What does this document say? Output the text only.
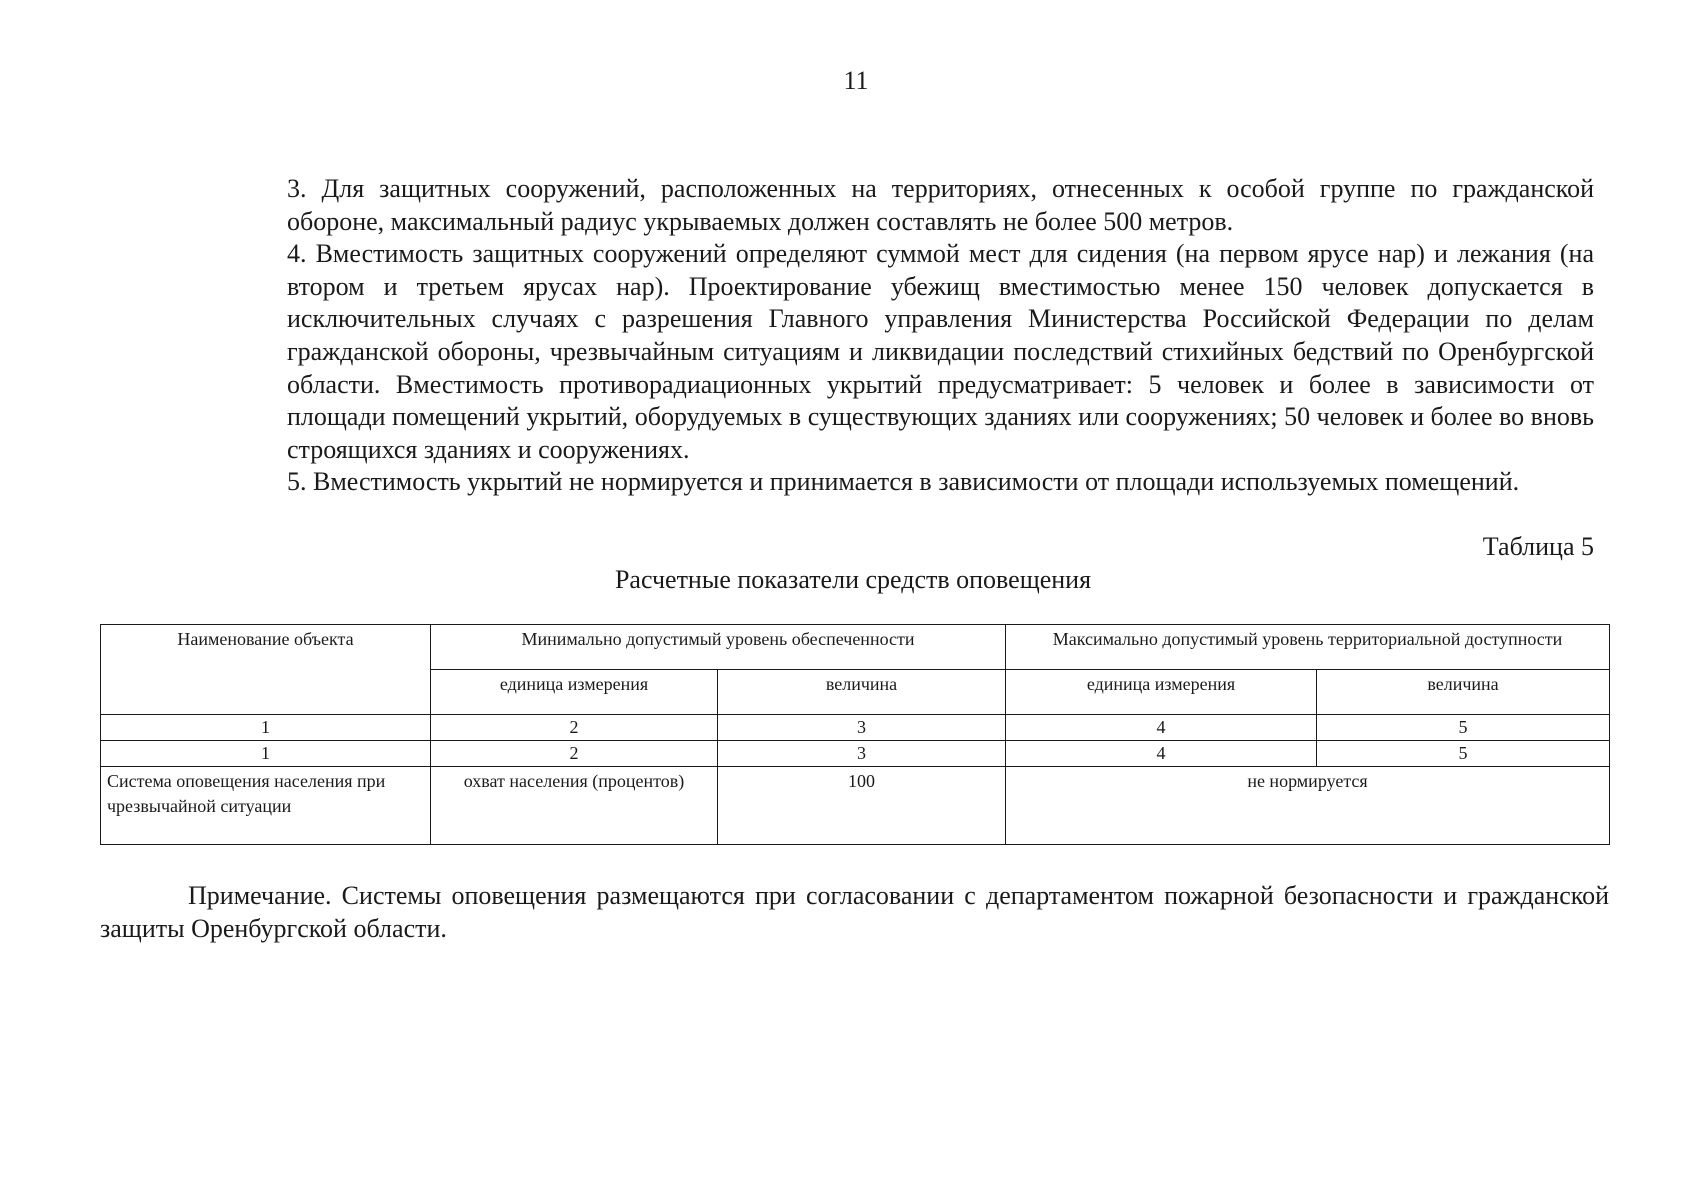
11

3. Для защитных сооружений, расположенных на территориях, отнесенных к особой группе по гражданской обороне, максимальный радиус укрываемых должен составлять не более 500 метров.

4. Вместимость защитных сооружений определяют суммой мест для сидения (на первом ярусе нар) и лежания (на втором и третьем ярусах нар). Проектирование убежищ вместимостью менее 150 человек допускается в исключительных случаях с разрешения Главного управления Министерства Российской Федерации по делам гражданской обороны, чрезвычайным ситуациям и ликвидации последствий стихийных бедствий по Оренбургской области. Вместимость противорадиационных укрытий предусматривает: 5 человек и более в зависимости от площади помещений укрытий, оборудуемых в существующих зданиях или сооружениях; 50 человек и более во вновь строящихся зданиях и сооружениях.

5. Вместимость укрытий не нормируется и принимается в зависимости от площади используемых помещений.

Таблица 5
Расчетные показатели средств оповещения
Наименование объекта	Минимально допустимый уровень обеспеченности		Максимально допустимый уровень территориальной доступности	
	единица измерения	величина	единица измерения	величина
1	2	3	4	5
1	2	3	4	5
Система оповещения населения при чрезвычайной ситуации	охват населения (процентов)	100	не нормируется	

Примечание. Системы оповещения размещаются при согласовании с департаментом пожарной безопасности и гражданской защиты Оренбургской области.
